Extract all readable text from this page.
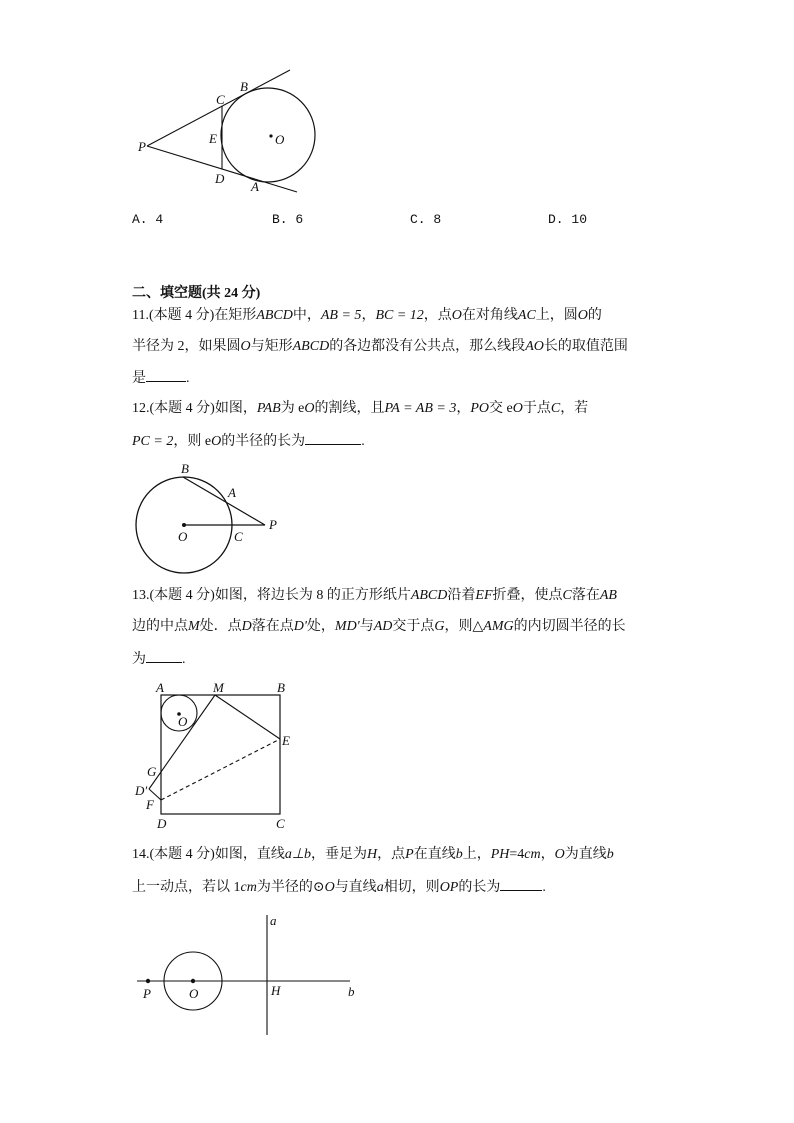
P
B
C
E	O
D
A
A. 4	B. 6	C. 8	D. 10
二、填空题(共 24 分)
11.(本题 4 分)在矩形ABCD中，AB = 5，BC = 12，点O在对角线AC上，圆O的
半径为 2，如果圆O与矩形ABCD的各边都没有公共点，那么线段AO长的取值范围
是	.
12.(本题 4 分)如图，PAB为 eO的割线，且PA = AB = 3，PO交 eO于点C，若
PC = 2，则 eO的半径的长为	.
B
A
O	C
P
13.(本题 4 分)如图，将边长为 8 的正方形纸片ABCD沿着EF折叠，使点C落在AB
边的中点M处．点D落在点D'处，MD'与AD交于点G，则△AMG的内切圆半径的长
为	.
A	M	B
O
E
G
D′
F
D	C
14.(本题 4 分)如图，直线a⊥b，垂足为H，点P在直线b上，PH=4cm，O为直线b
上一动点，若以 1cm为半径的⊙O与直线a相切，则OP的长为	.
a
P	O	H	b
